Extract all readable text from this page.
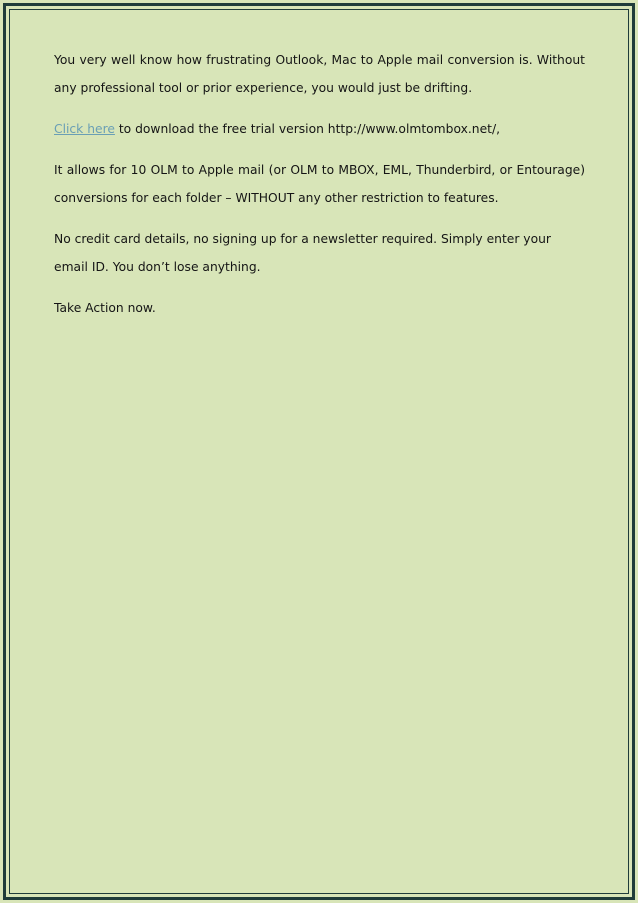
You very well know how frustrating Outlook, Mac to Apple mail conversion is. Without any professional tool or prior experience, you would just be drifting.

Click here to download the free trial version http://www.olmtombox.net/,

It allows for 10 OLM to Apple mail (or OLM to MBOX, EML, Thunderbird, or Entourage) conversions for each folder – WITHOUT any other restriction to features.

No credit card details, no signing up for a newsletter required. Simply enter your email ID. You don’t lose anything.

Take Action now.
